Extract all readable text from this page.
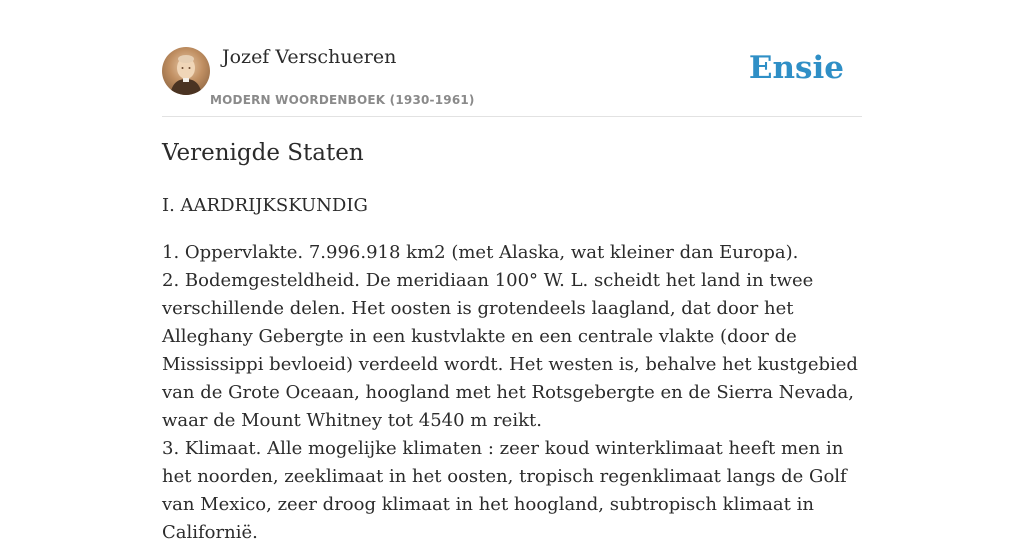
Jozef Verschueren
MODERN WOORDENBOEK (1930-1961)
Ensie
Verenigde Staten
I. AARDRIJKSKUNDIG

1. Oppervlakte. 7.996.918 km2 (met Alaska, wat kleiner dan Europa).

2. Bodemgesteldheid. De meridiaan 100° W. L. scheidt het land in twee verschillende delen. Het oosten is grotendeels laagland, dat door het Alleghany Gebergte in een kustvlakte en een centrale vlakte (door de Mississippi bevloeid) verdeeld wordt. Het westen is, behalve het kustgebied van de Grote Oceaan, hoogland met het Rotsgebergte en de Sierra Nevada, waar de Mount Whitney tot 4540 m reikt.

3. Klimaat. Alle mogelijke klimaten : zeer koud winterklimaat heeft men in het noorden, zeeklimaat in het oosten, tropisch regenklimaat langs de Golf van Mexico, zeer droog klimaat in het hoogland, subtropisch klimaat in Californië.
